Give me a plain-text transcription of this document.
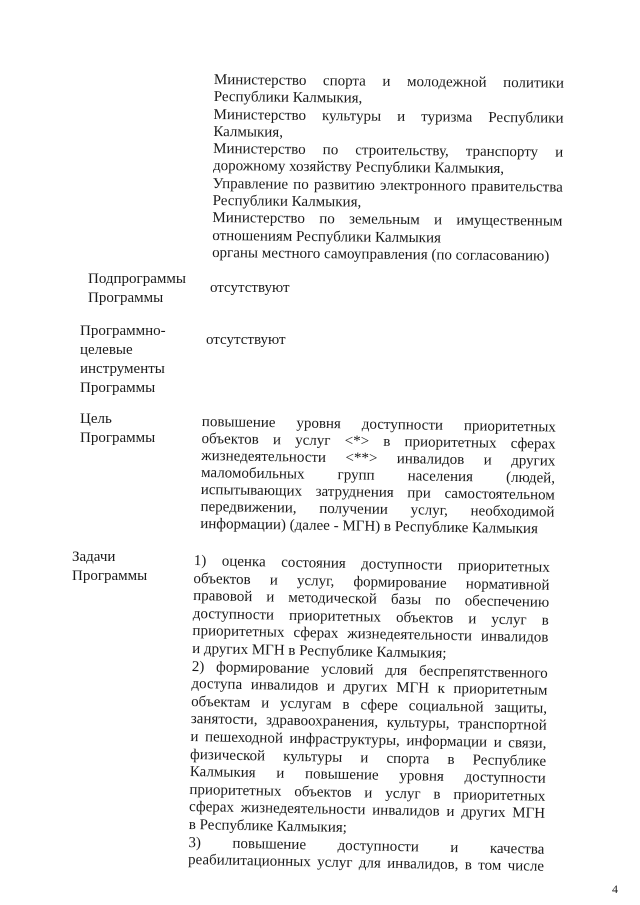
Министерство спорта и молодежной политики
Республики Калмыкия,
Министерство культуры и туризма Республики
Калмыкия,
Министерство по строительству, транспорту и
дорожному хозяйству Республики Калмыкия,
Управление по развитию электронного правительства
Республики Калмыкия,
Министерство по земельным и имущественным
отношениям Республики Калмыкия
органы местного самоуправления (по согласованию)
Подпрограммы
Программы
отсутствуют
Программно-
целевые
инструменты
Программы
отсутствуют
Цель
Программы
повышение уровня доступности приоритетных
объектов и услуг <*> в приоритетных сферах
жизнедеятельности <**> инвалидов и других
маломобильных групп населения (людей,
испытывающих затруднения при самостоятельном
передвижении, получении услуг, необходимой
информации) (далее - МГН) в Республике Калмыкия
Задачи
Программы
1) оценка состояния доступности приоритетных
объектов и услуг, формирование нормативной
правовой и методической базы по обеспечению
доступности приоритетных объектов и услуг в
приоритетных сферах жизнедеятельности инвалидов
и других МГН в Республике Калмыкия;
2) формирование условий для беспрепятственного
доступа инвалидов и других МГН к приоритетным
объектам и услугам в сфере социальной защиты,
занятости, здравоохранения, культуры, транспортной
и пешеходной инфраструктуры, информации и связи,
физической культуры и спорта в Республике
Калмыкия и повышение уровня доступности
приоритетных объектов и услуг в приоритетных
сферах жизнедеятельности инвалидов и других МГН
в Республике Калмыкия;
3) повышение доступности и качества
реабилитационных услуг для инвалидов, в том числе
4
